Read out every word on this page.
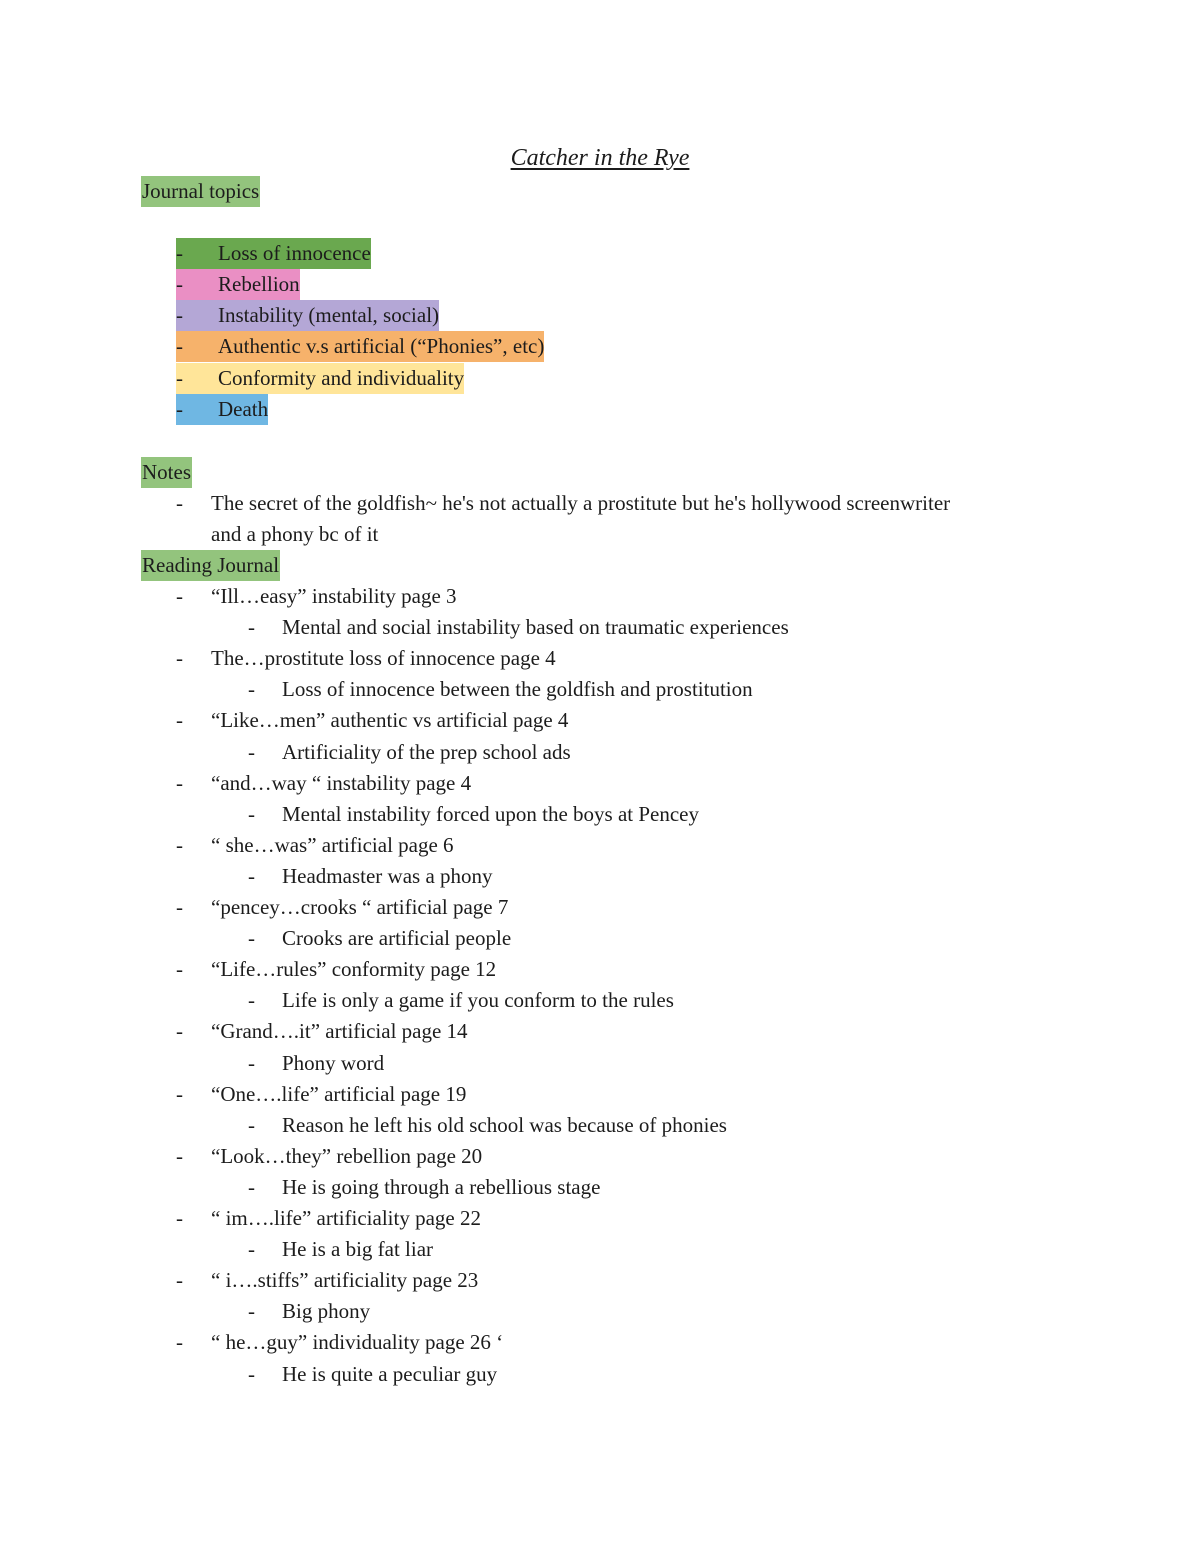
Catcher in the Rye
Journal topics
- Loss of innocence
- Rebellion
- Instability (mental, social)
- Authentic v.s artificial (“Phonies”, etc)
- Conformity and individuality
- Death
Notes
- The secret of the goldfish~ he's not actually a prostitute but he's hollywood screenwriter
and a phony bc of it
Reading Journal
- “Ill…easy” instability page 3
- Mental and social instability based on traumatic experiences
- The…prostitute loss of innocence page 4
- Loss of innocence between the goldfish and prostitution
- “Like…men” authentic vs artificial page 4
- Artificiality of the prep school ads
- “and…way “ instability page 4
- Mental instability forced upon the boys at Pencey
- “ she…was” artificial page 6
- Headmaster was a phony
- “pencey…crooks “ artificial page 7
- Crooks are artificial people
- “Life…rules” conformity page 12
- Life is only a game if you conform to the rules
- “Grand….it” artificial page 14
- Phony word
- “One….life” artificial page 19
- Reason he left his old school was because of phonies
- “Look…they” rebellion page 20
- He is going through a rebellious stage
- “ im….life” artificiality page 22
- He is a big fat liar
- “ i….stiffs” artificiality page 23
- Big phony
- “ he…guy” individuality page 26 ‘
- He is quite a peculiar guy
